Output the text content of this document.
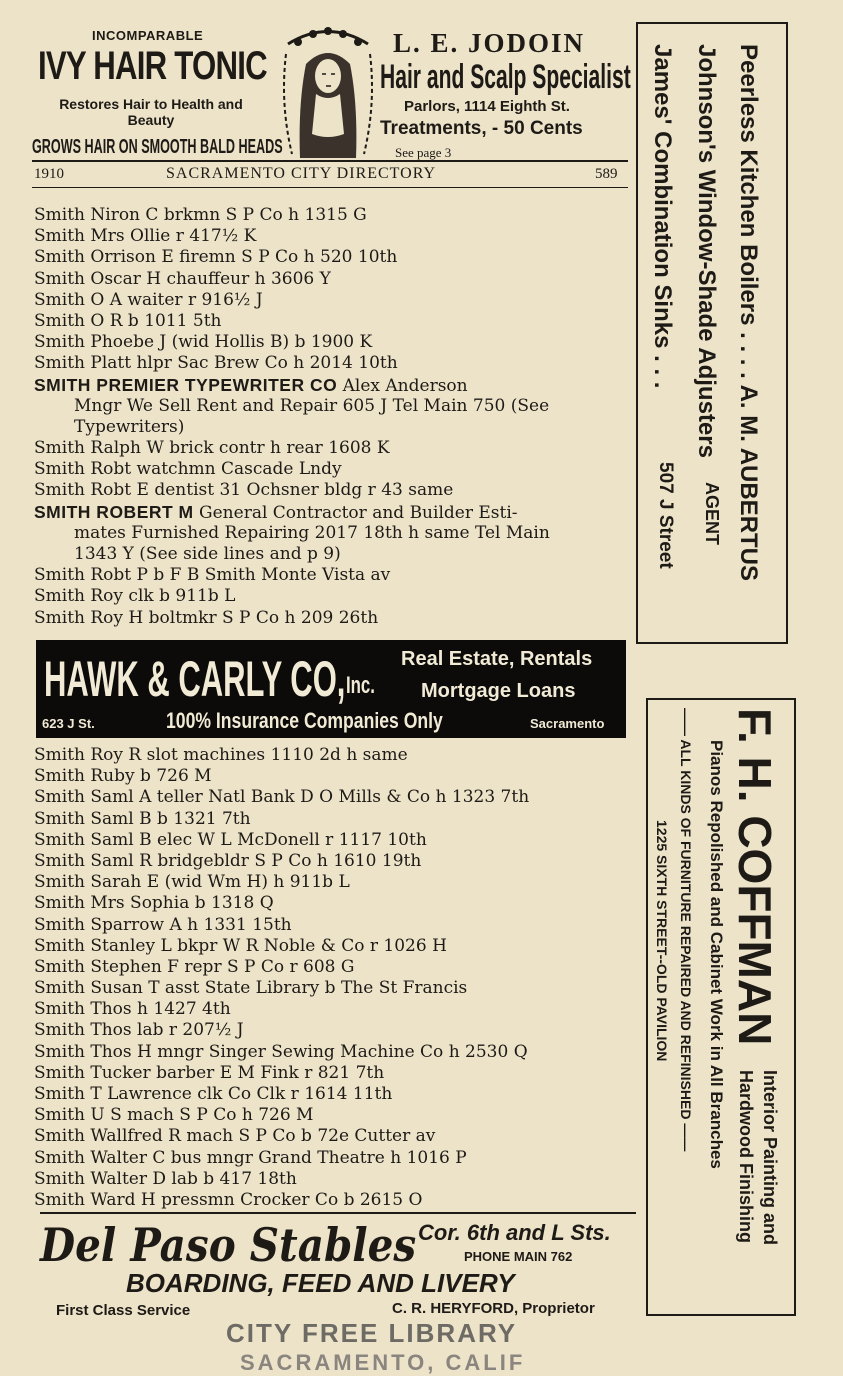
INCOMPARABLE
IVY HAIR TONIC
Restores Hair to Health and Beauty
GROWS HAIR ON SMOOTH BALD HEADS
L. E. JODOIN
Hair and Scalp Specialist
Parlors, 1114 Eighth St.
Treatments, - 50 Cents
See page 3
1910	SACRAMENTO CITY DIRECTORY	589
Smith Niron C brkmn S P Co h 1315 G
Smith Mrs Ollie r 417½ K
Smith Orrison E firemn S P Co h 520 10th
Smith Oscar H chauffeur h 3606 Y
Smith O A waiter r 916½ J
Smith O R b 1011 5th
Smith Phoebe J (wid Hollis B) b 1900 K
Smith Platt hlpr Sac Brew Co h 2014 10th
SMITH PREMIER TYPEWRITER CO Alex Anderson
Mngr We Sell Rent and Repair 605 J Tel Main 750 (See
Typewriters)
Smith Ralph W brick contr h rear 1608 K
Smith Robt watchmn Cascade Lndy
Smith Robt E dentist 31 Ochsner bldg r 43 same
SMITH ROBERT M General Contractor and Builder Esti-
mates Furnished Repairing 2017 18th h same Tel Main
1343 Y (See side lines and p 9)
Smith Robt P b F B Smith Monte Vista av
Smith Roy clk b 911b L
Smith Roy H boltmkr S P Co h 209 26th
HAWK & CARLY CO, Inc.
Real Estate, Rentals
Mortgage Loans
623 J St.	100% Insurance Companies Only	Sacramento
Smith Roy R slot machines 1110 2d h same
Smith Ruby b 726 M
Smith Saml A teller Natl Bank D O Mills & Co h 1323 7th
Smith Saml B b 1321 7th
Smith Saml B elec W L McDonell r 1117 10th
Smith Saml R bridgebldr S P Co h 1610 19th
Smith Sarah E (wid Wm H) h 911b L
Smith Mrs Sophia b 1318 Q
Smith Sparrow A h 1331 15th
Smith Stanley L bkpr W R Noble & Co r 1026 H
Smith Stephen F repr S P Co r 608 G
Smith Susan T asst State Library b The St Francis
Smith Thos h 1427 4th
Smith Thos lab r 207½ J
Smith Thos H mngr Singer Sewing Machine Co h 2530 Q
Smith Tucker barber E M Fink r 821 7th
Smith T Lawrence clk Co Clk r 1614 11th
Smith U S mach S P Co h 726 M
Smith Wallfred R mach S P Co b 72e Cutter av
Smith Walter C bus mngr Grand Theatre h 1016 P
Smith Walter D lab b 417 18th
Smith Ward H pressmn Crocker Co b 2615 O
Peerless Kitchen Boilers . . . . A. M. AUBERTUS
Johnson's Window-Shade Adjusters
AGENT
James' Combination Sinks . . .
507 J Street
F. H. COFFMAN
Interior Painting and
Hardwood Finishing
Pianos Repolished and Cabinet Work in All Branches
—— ALL KINDS OF FURNITURE REPAIRED AND REFINISHED ——
1225 SIXTH STREET--OLD PAVILION
Del Paso Stables Cor. 6th and L Sts.
PHONE MAIN 762
BOARDING, FEED AND LIVERY
First Class Service	C. R. HERYFORD, Proprietor
CITY FREE LIBRARY
SACRAMENTO, CALIF
